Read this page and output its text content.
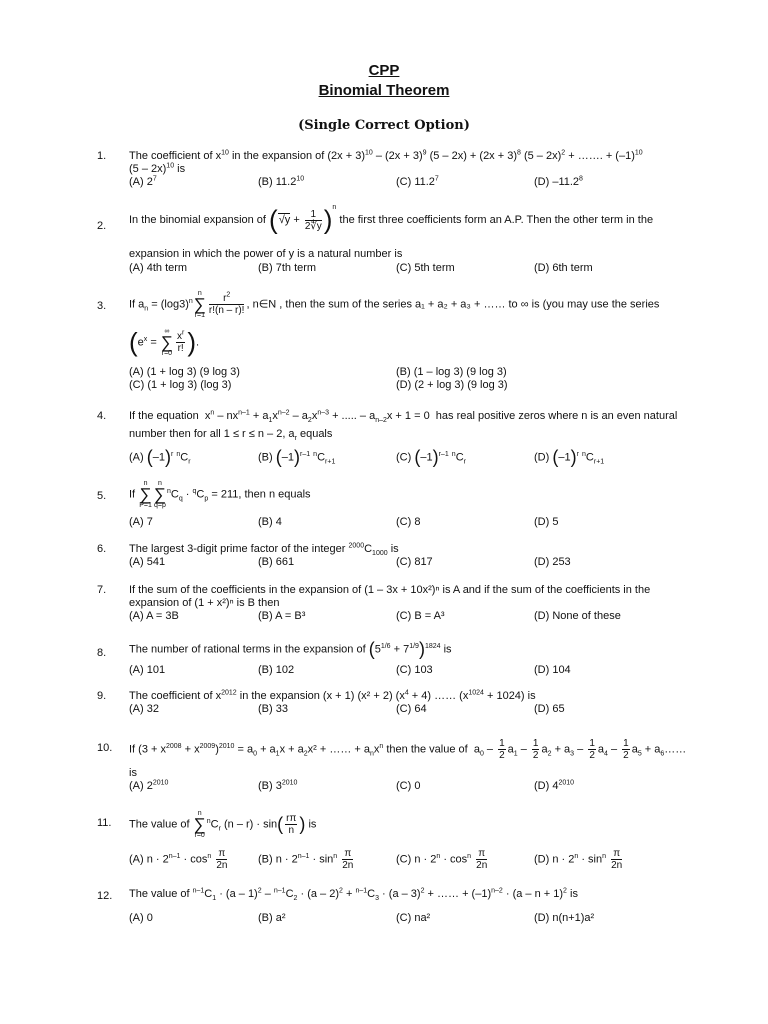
CPP
Binomial Theorem
(Single Correct Option)
1. The coefficient of $x^{10}$ in the expansion of $(2x + 3)^{10} - (2x + 3)^9$ $(5 - 2x) + (2x + 3)^8$ (5 – 2x)$^2$ + ……. + $(-1)^{10}$
(5 – 2x)$^{10}$ is
(A) $2^7$	(B) 11.2$^{10}$	(C) 11.2$^7$	(D) –11.2$^8$
2. In the binomial expansion of $(√y + \frac{1}{2∜y} )^n$ the first three coefficients form an A.P. Then the other term in the
expansion in which the power of y is a natural number is
(A) 4th term	(B) 7th term	(C) 5th term	(D) 6th term
3. If $a_n = (\log 3)^nn$
∑
$r=1 \frac{r^2}{r!(n - r)!}$ , n∈N , then the sum of the series a₁ + a₂ + a₃ + …… to ∞ is (you may use the series
($e^x$ = ∞
∑
$r=0 \frac{x^r}{r!}$ ).
(A) (1 + log 3) (9 log 3)	(B) (1 – log 3) (9 log 3)
(C) (1 + log 3) (log 3)	(D) (2 + log 3) (9 log 3)
4. If the equation  $x^n - nx^{n-1} + a_1x^{n-2} - a_2x^{n-3}$ + ..... – $a_{n-2}x + 1 = 0$  has real positive zeros where n is an even natural
number then for all 1 ≤ r ≤ n – 2, $a_r$ equals
(A) $(-1)^r$ $^nC_r$	(B) $(-1)^{r-1}$ $^nC_{r+1}$	(C) $(-1)^{r-1}$ $^nC_r$	(D) $(-1)^r$ $^nC_{r+1}$
5. If n
∑
P=1n
∑
$q=p^nC_q \cdot ^qC_p = 211$, then n equals
(A) 7	(B) 4	(C) 8	(D) 5
6. The largest 3-digit prime factor of the integer $^{2000}C_{1000}$ is
(A) 541	(B) 661	(C) 817	(D) 253
7. If the sum of the coefficients in the expansion of (1 – 3x + 10x²)ⁿ is A and if the sum of the coefficients in the
expansion of (1 + x²)ⁿ is B then
(A) A = 3B	(B) A = B³	(C) B = A³	(D) None of these
8. The number of rational terms in the expansion of $(5^{1/6} + 7^{1/9})^{1824}$ is
(A) 101	(B) 102	(C) 103	(D) 104
9. The coefficient of $x^{2012}$ in the expansion (x + 1) (x² + 2) $(x^4 + 4)$ …… $(x^{1024} + 1024)$ is
(A) 32	(B) 33	(C) 64	(D) 65
10. If $(3 + x^{2008} + x^{2009})^{2010} = a_0 + a_1x + a_2x^2$ + …… + $a_nx^n$ then the value of  $a_0 - \frac{1}{2} a_1 - \frac{1}{2} a_2 + a_3 - \frac{1}{2} a_4 - \frac{1}{2} a_5$ + $a_6\dots\dots$
is
(A) $2^{2010}$	(B) $3^{2010}$	(C) 0	(D) $4^{2010}$
11. The value of n
∑
$r=0^nC_r$ $(n - r) \cdot \sin( \frac{r\pi}{n}$ ) is
(A) $n \cdot 2^{n-1} \cdot \cos^n \frac{\pi}{2n}$	(B) $n \cdot 2^{n-1} \cdot \sin^n \frac{\pi}{2n}$	(C) $n \cdot 2^n \cdot \cos^n \frac{\pi}{2n}$	(D) $n \cdot 2^n \cdot \sin^n \frac{\pi}{2n}$
12. The value of $^{n-1}C_1 \cdot (a - 1)^2 - ^{n-1}C_2 \cdot (a - 2)^2 + ^{n-1}C_3 \cdot (a - 3)^2$ + …… + $(-1)^{n-2} \cdot (a - n + 1)^2$ is
(A) 0	(B) a²	(C) na²	(D) n(n+1)a²
